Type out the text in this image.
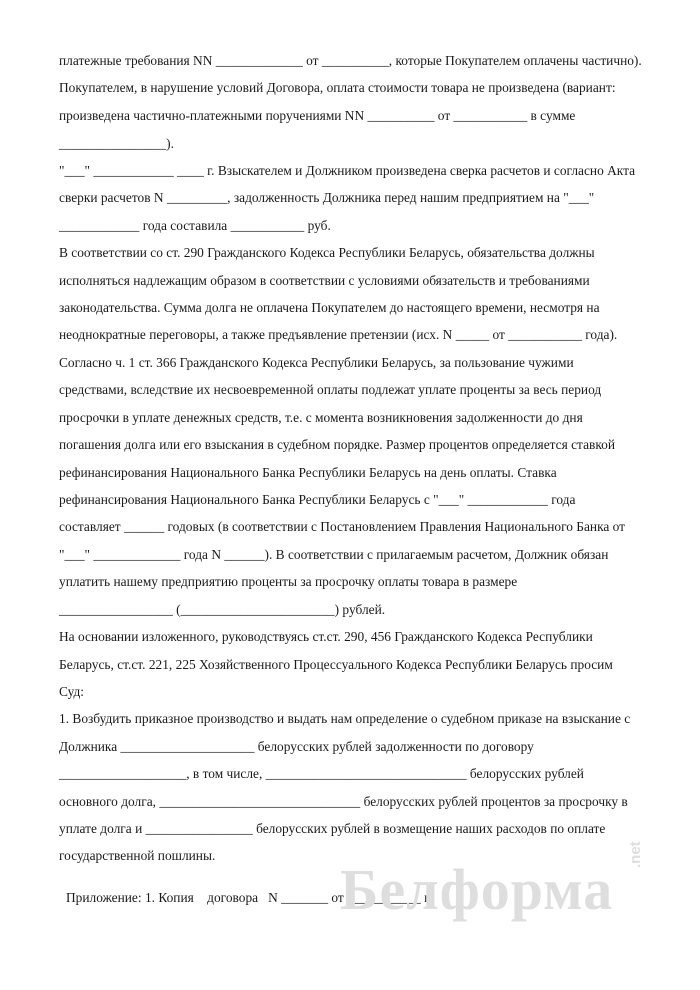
платежные требования NN _____________ от __________, которые Покупателем оплачены частично).
Покупателем, в нарушение условий Договора, оплата стоимости товара не произведена (вариант:
произведена частично-платежными поручениями NN __________ от ___________ в сумме
________________).
"___" ____________ ____ г. Взыскателем и Должником произведена сверка расчетов и согласно Акта
сверки расчетов N _________, задолженность Должника перед нашим предприятием на "___"
____________ года составила ___________ руб.
В соответствии со ст. 290 Гражданского Кодекса Республики Беларусь, обязательства должны
исполняться надлежащим образом в соответствии с условиями обязательств и требованиями
законодательства. Сумма долга не оплачена Покупателем до настоящего времени, несмотря на
неоднократные переговоры, а также предъявление претензии (исх. N _____ от ___________ года).
Согласно ч. 1 ст. 366 Гражданского Кодекса Республики Беларусь, за пользование чужими
средствами, вследствие их несвоевременной оплаты подлежат уплате проценты за весь период
просрочки в уплате денежных средств, т.е. с момента возникновения задолженности до дня
погашения долга или его взыскания в судебном порядке. Размер процентов определяется ставкой
рефинансирования Национального Банка Республики Беларусь на день оплаты. Ставка
рефинансирования Национального Банка Республики Беларусь с "___" ____________ года
составляет ______ годовых (в соответствии с Постановлением Правления Национального Банка от
"___" _____________ года N ______). В соответствии с прилагаемым расчетом, Должник обязан
уплатить нашему предприятию проценты за просрочку оплаты товара в размере
_________________ (_______________________) рублей.
На основании изложенного, руководствуясь ст.ст. 290, 456 Гражданского Кодекса Республики
Беларусь, ст.ст. 221, 225 Хозяйственного Процессуального Кодекса Республики Беларусь просим
Суд:
1. Возбудить приказное производство и выдать нам определение о судебном приказе на взыскание с
Должника ____________________ белорусских рублей задолженности по договору
___________________, в том числе, ______________________________ белорусских рублей
основного долга, ______________________________ белорусских рублей процентов за просрочку в
уплате долга и ________________ белорусских рублей в возмещение наших расходов по оплате
государственной пошлины.
Приложение: 1. Копия    договора   N _______ от ___________ г.
Белформа
.net
